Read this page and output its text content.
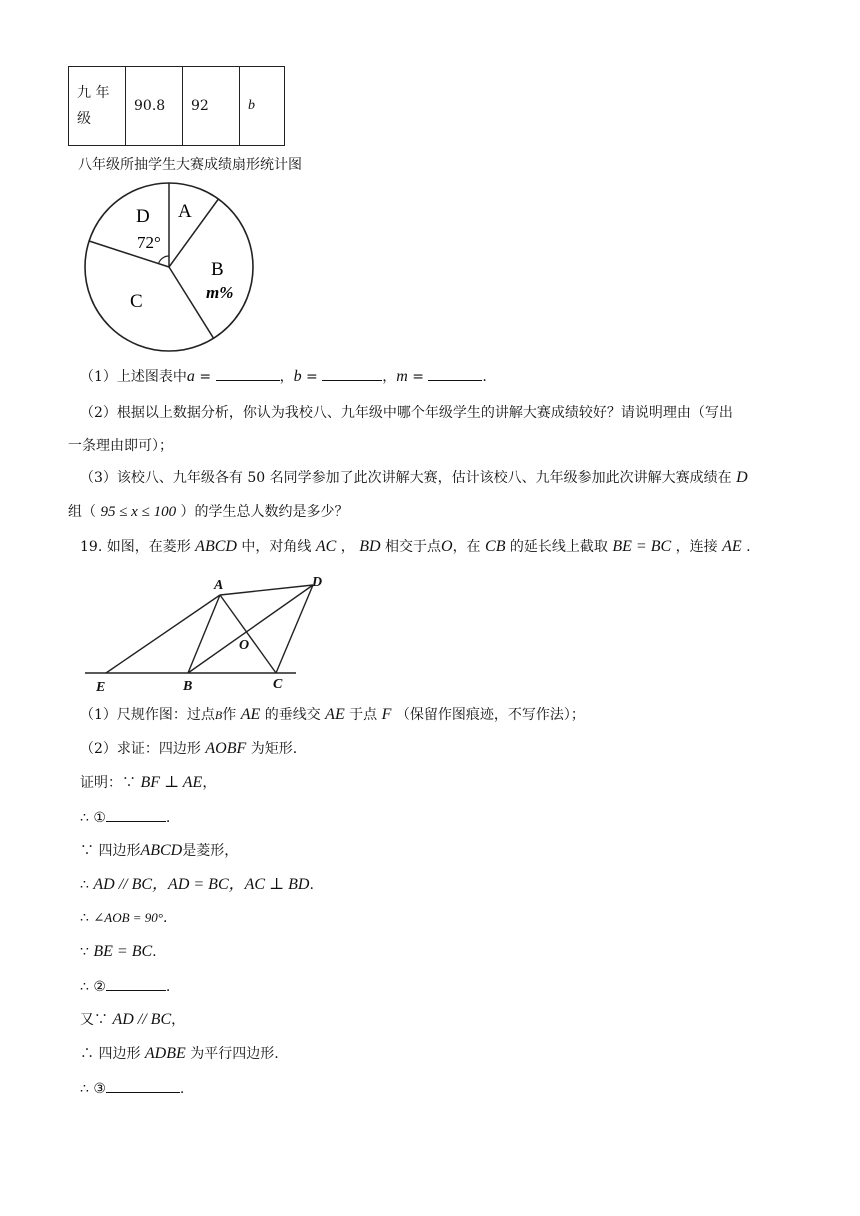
九 年
级	90.8	92	b
八年级所抽学生大赛成绩扇形统计图
A
B
m%
C
D
72°
（1）上述图表中a =	，b =	，m =	.
（2）根据以上数据分析，你认为我校八、九年级中哪个年级学生的讲解大赛成绩较好？请说明理由（写出
一条理由即可）；
（3）该校八、九年级各有 50 名同学参加了此次讲解大赛，估计该校八、九年级参加此次讲解大赛成绩在 D
组（ 95 ≤ x ≤ 100 ）的学生总人数约是多少？
19. 如图，在菱形 ABCD 中，对角线 AC ， BD 相交于点O，在 CB 的延长线上截取 BE = BC ，连接 AE .
A	D
O
E	B	C
（1）尺规作图：过点B作 AE 的垂线交 AE 于点 F （保留作图痕迹，不写作法）；
（2）求证：四边形 AOBF 为矩形.
证明：∵ BF ⊥ AE，
∴ ①	.
∵ 四边形ABCD是菱形，
∴ AD // BC，AD = BC，AC ⊥ BD.
∴ ∠AOB = 90°.
∵ BE = BC.
∴ ②	.
又∵ AD // BC，
∴ 四边形 ADBE 为平行四边形.
∴ ③	.
